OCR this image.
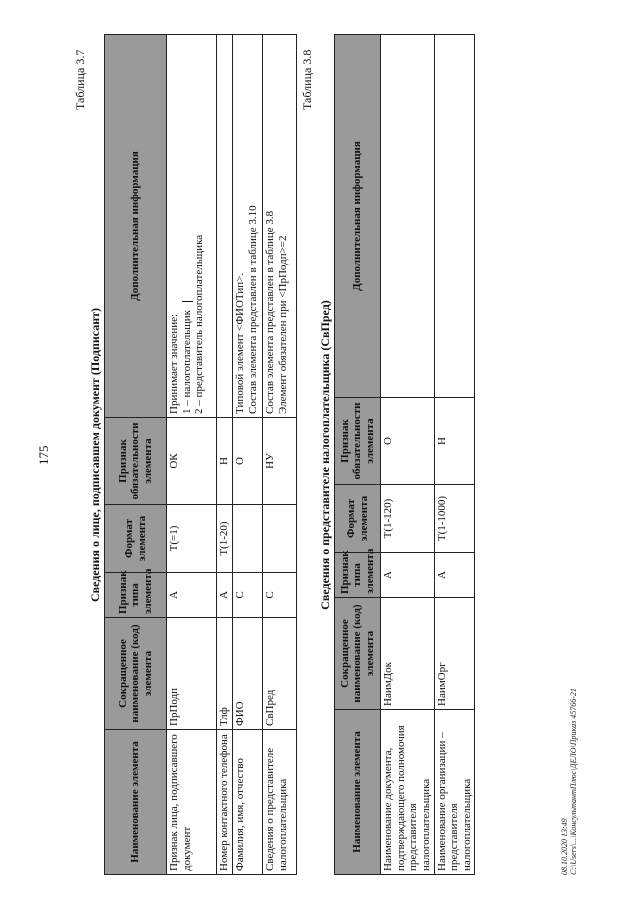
175
Таблица 3.7
Сведения о лице, подписавшем документ (Подписант)
Наименование элемента	Сокращенное наименование (код) элемента	Признак типа элемента	Формат элемента	Признак обязательности элемента	Дополнительная информация
Признак лица, подписавшего документ	ПрПодп	А	T(=1)	ОК	Принимает значение: 1 – налогоплательщик 2 – представитель налогоплательщика

Номер контактного телефона	Тлф	А	T(1-20)	Н	
Фамилия, имя, отчество	ФИО	С		О	Типовой элемент <ФИОТип>. Состав элемента представлен в таблице 3.10

Сведения о представителе налогоплательщика	СвПред	С		НУ	Состав элемента представлен в таблице 3.8 Элемент обязателен при <ПрПодп>=2
Таблица 3.8
Сведения о представителе налогоплательщика (СвПред)
Наименование элемента	Сокращенное наименование (код) элемента	Признак типа элемента	Формат элемента	Признак обязательности элемента	Дополнительная информация
Наименование документа, подтверждающего полномочия представителя налогоплательщика	НаимДок	А	T(1-120)	О	
Наименование организации – представителя налогоплательщика	НаимОрг	А	T(1-1000)	Н	
08.10.2020 13:49 С:\Users\...\КонсультантПлюс\ДЕЛО\Приказ 45766-21
